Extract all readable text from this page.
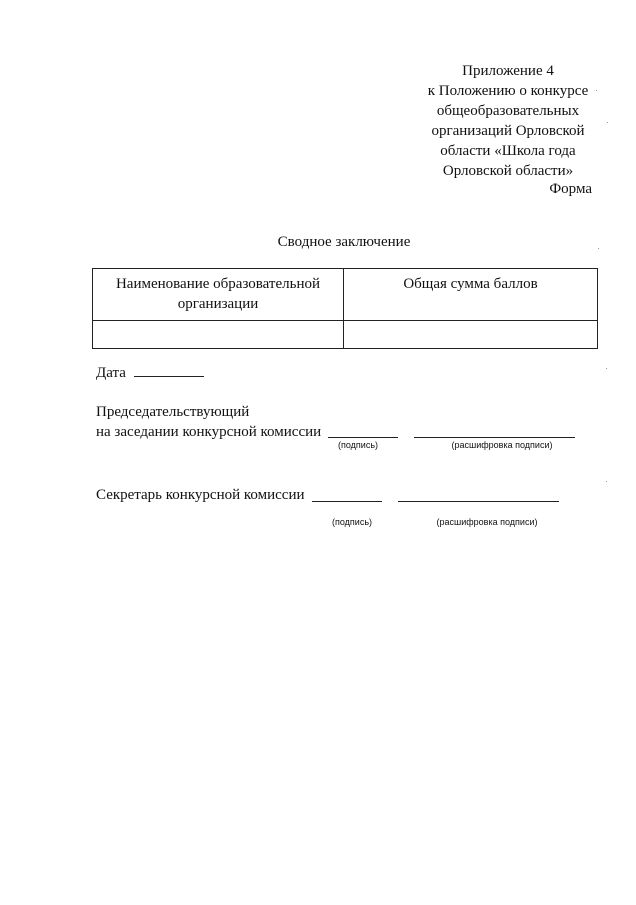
Приложение 4
к Положению о конкурсе
общеобразовательных
организаций Орловской
области «Школа года
Орловской области»
Форма
Сводное заключение
Наименование образовательной
организации	Общая сумма баллов

Дата
Председательствующий
на заседании конкурсной комиссии
(подпись)	(расшифровка подписи)
Секретарь конкурсной комиссии
(подпись)	(расшифровка подписи)
